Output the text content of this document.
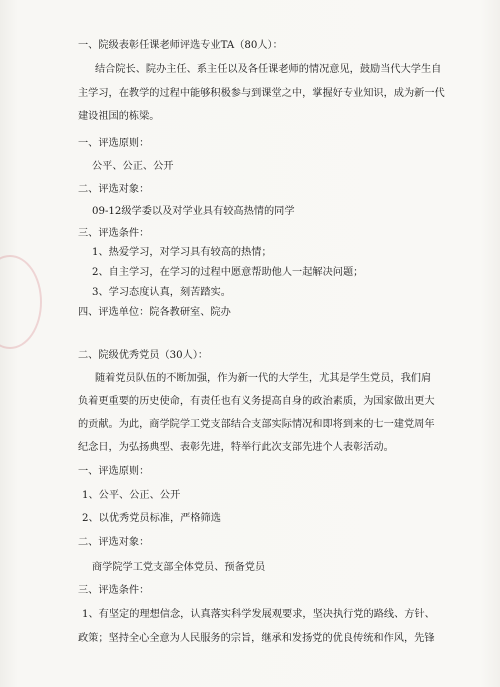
一、院级表彰任课老师评选专业TA（80人）：
结合院长、院办主任、系主任以及各任课老师的情况意见，鼓励当代大学生自
主学习，在教学的过程中能够积极参与到课堂之中，掌握好专业知识，成为新一代
建设祖国的栋梁。
一、评选原则：
公平、公正、公开
二、评选对象：
09-12级学委以及对学业具有较高热情的同学
三、评选条件：
1、热爱学习，对学习具有较高的热情；
2、自主学习，在学习的过程中愿意帮助他人一起解决问题；
3、学习态度认真，刻苦踏实。
四、评选单位：院各教研室、院办
二、院级优秀党员（30人）：
随着党员队伍的不断加强，作为新一代的大学生，尤其是学生党员，我们肩
负着更重要的历史使命，有责任也有义务提高自身的政治素质，为国家做出更大
的贡献。为此，商学院学工党支部结合支部实际情况和即将到来的七一建党周年
纪念日，为弘扬典型、表彰先进，特举行此次支部先进个人表彰活动。
一、评选原则：
1、公平、公正、公开
2、以优秀党员标准，严格筛选
二、评选对象：
商学院学工党支部全体党员、预备党员
三、评选条件：
1、有坚定的理想信念，认真落实科学发展观要求，坚决执行党的路线、方针、
政策；坚持全心全意为人民服务的宗旨，继承和发扬党的优良传统和作风，先锋
